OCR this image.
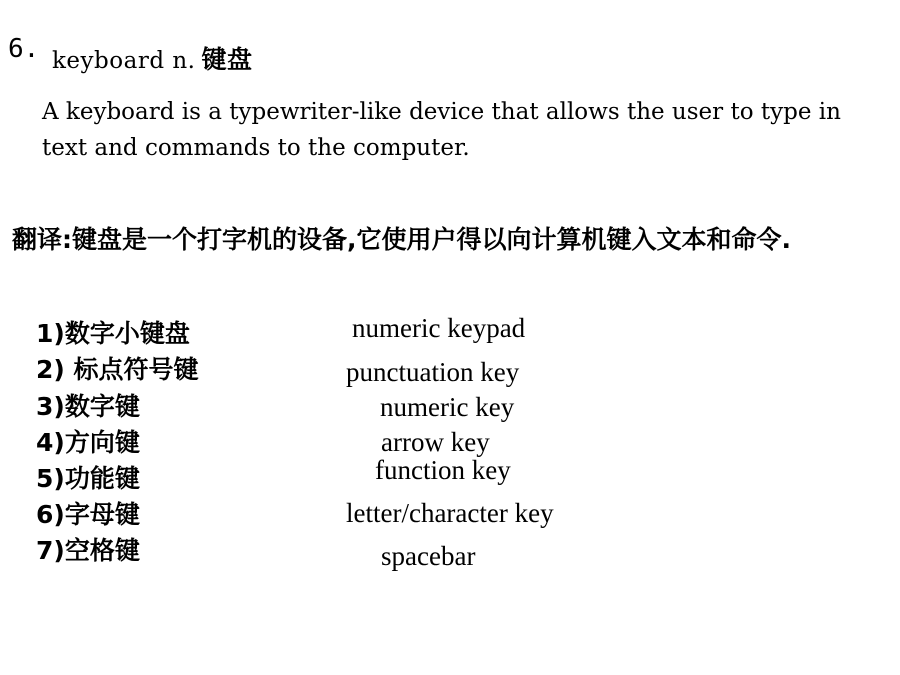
6. keyboard n. 键盘
A keyboard is a typewriter-like device that allows the user to type in text and commands to the computer.
翻译:键盘是一个打字机的设备,它使用户得以向计算机键入文本和命令.
1)数字小键盘	numeric keypad
2) 标点符号键	punctuation key
3)数字键	numeric key
4)方向键	arrow key
5)功能键	function key
6)字母键	letter/character key
7)空格键	spacebar
